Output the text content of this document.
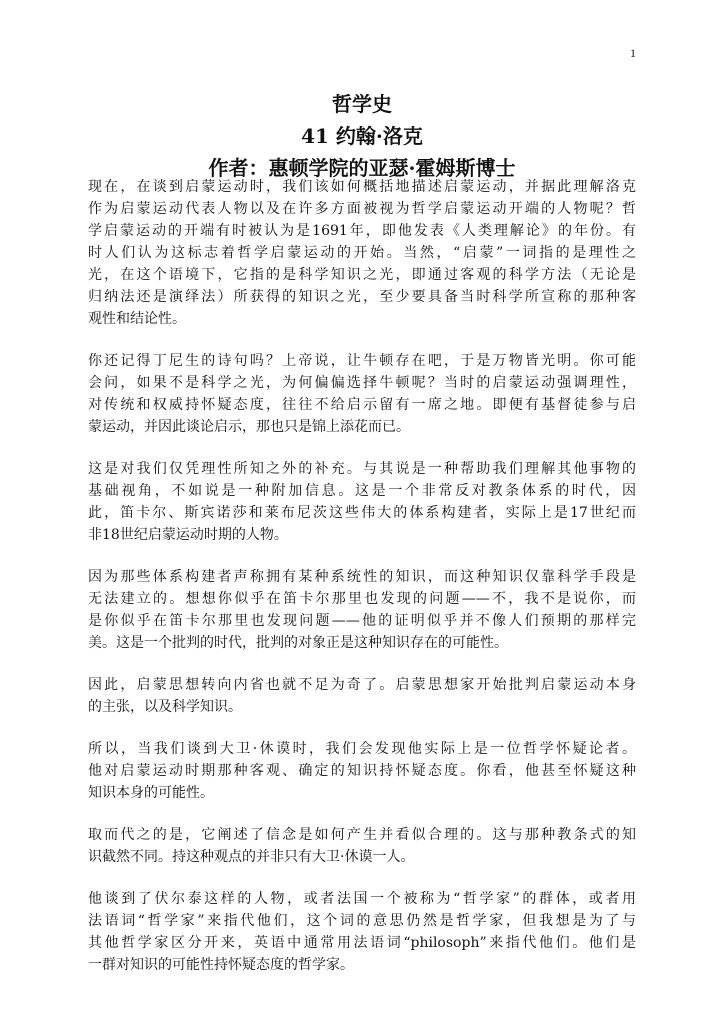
1
哲学史
41 约翰·洛克
作者：惠顿学院的亚瑟·霍姆斯博士
现在，在谈到启蒙运动时，我们该如何概括地描述启蒙运动，并据此理解洛克
作为启蒙运动代表人物以及在许多方面被视为哲学启蒙运动开端的人物呢？哲
学启蒙运动的开端有时被认为是1691年，即他发表《人类理解论》的年份。有
时人们认为这标志着哲学启蒙运动的开始。当然，“启蒙”一词指的是理性之
光，在这个语境下，它指的是科学知识之光，即通过客观的科学方法（无论是
归纳法还是演绎法）所获得的知识之光，至少要具备当时科学所宣称的那种客
观性和结论性。
你还记得丁尼生的诗句吗？上帝说，让牛顿存在吧，于是万物皆光明。你可能
会问，如果不是科学之光，为何偏偏选择牛顿呢？当时的启蒙运动强调理性，
对传统和权威持怀疑态度，往往不给启示留有一席之地。即便有基督徒参与启
蒙运动，并因此谈论启示，那也只是锦上添花而已。
这是对我们仅凭理性所知之外的补充。与其说是一种帮助我们理解其他事物的
基础视角，不如说是一种附加信息。这是一个非常反对教条体系的时代，因
此，笛卡尔、斯宾诺莎和莱布尼茨这些伟大的体系构建者，实际上是17世纪而
非18世纪启蒙运动时期的人物。
因为那些体系构建者声称拥有某种系统性的知识，而这种知识仅靠科学手段是
无法建立的。想想你似乎在笛卡尔那里也发现的问题——不，我不是说你，而
是你似乎在笛卡尔那里也发现问题——他的证明似乎并不像人们预期的那样完
美。这是一个批判的时代，批判的对象正是这种知识存在的可能性。
因此，启蒙思想转向内省也就不足为奇了。启蒙思想家开始批判启蒙运动本身
的主张，以及科学知识。
所以，当我们谈到大卫·休谟时，我们会发现他实际上是一位哲学怀疑论者。
他对启蒙运动时期那种客观、确定的知识持怀疑态度。你看，他甚至怀疑这种
知识本身的可能性。
取而代之的是，它阐述了信念是如何产生并看似合理的。这与那种教条式的知
识截然不同。持这种观点的并非只有大卫·休谟一人。
他谈到了伏尔泰这样的人物，或者法国一个被称为“哲学家”的群体，或者用
法语词“哲学家”来指代他们，这个词的意思仍然是哲学家，但我想是为了与
其他哲学家区分开来，英语中通常用法语词“philosoph”来指代他们。他们是
一群对知识的可能性持怀疑态度的哲学家。
